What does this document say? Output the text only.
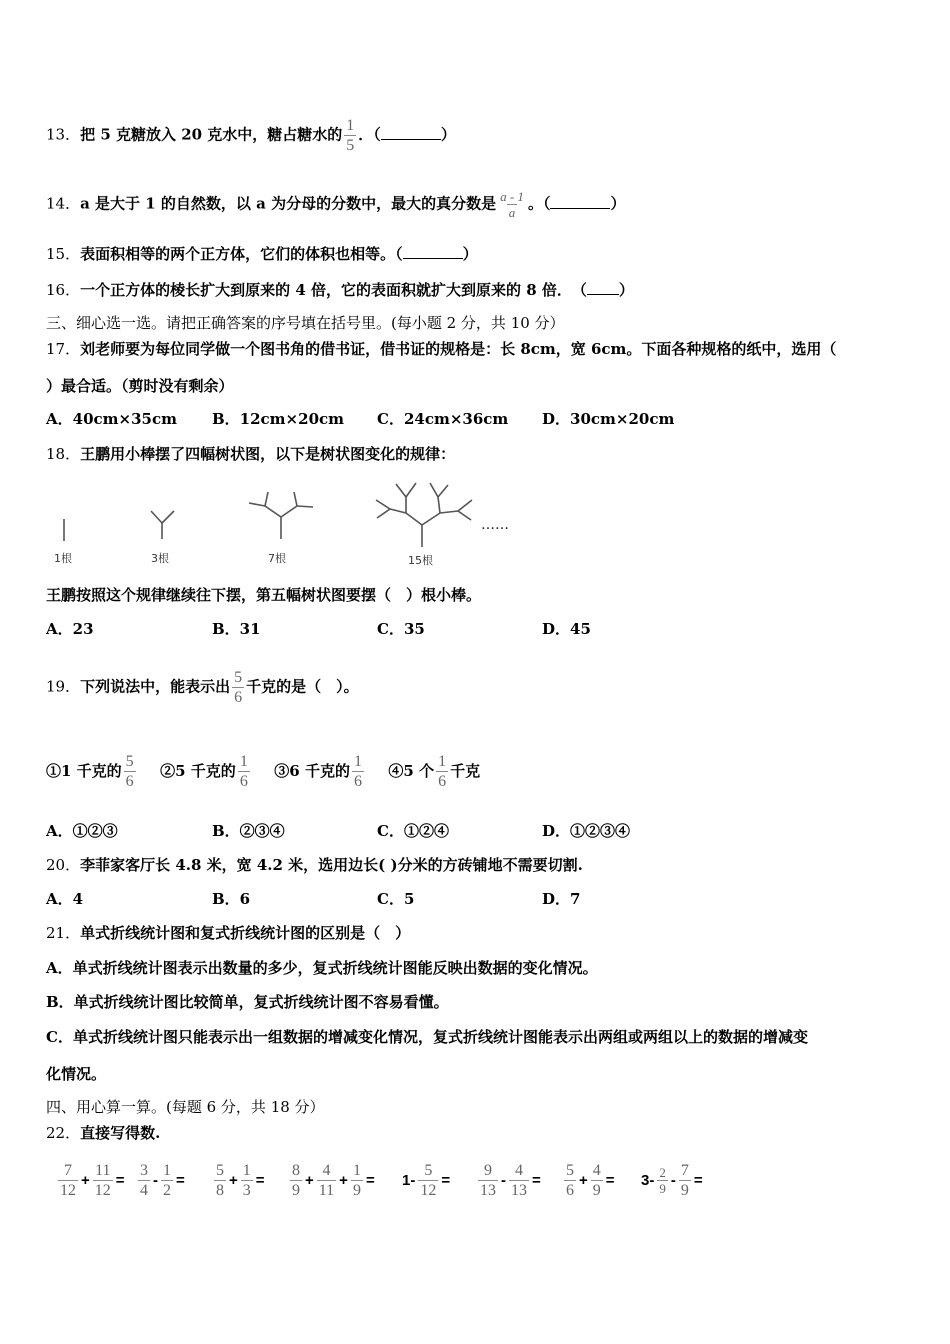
13．把 5 克糖放入 20 克水中，糖占糖水的 $\frac{1}{5}$ ．（	）
14．a 是大于 1 的自然数，以 a 为分母的分数中，最大的真分数是 $\frac{a - 1}{a}$ 。（	）
15．表面积相等的两个正方体，它们的体积也相等。（	）
16．一个正方体的棱长扩大到原来的 4 倍，它的表面积就扩大到原来的 8 倍．　（ ）
三、细心选一选。请把正确答案的序号填在括号里。(每小题 2 分，共 10 分）
17．刘老师要为每位同学做一个图书角的借书证，借书证的规格是：长 8cm，宽 6cm。下面各种规格的纸中，选用（
）最合适。（剪时没有剩余）
A．40cm×35cm B．12cm×20cm C．24cm×36cm D．30cm×20cm
18．王鹏用小棒摆了四幅树状图，以下是树状图变化的规律：
1根	3根	7根	15根
……
王鹏按照这个规律继续往下摆，第五幅树状图要摆（　）根小棒。
A．23	B．31	C．35	D．45
19．下列说法中，能表示出 $\frac{5}{6}$ 千克的是（　）。
①1 千克的 $\frac{5}{6}$ ②5 千克的 $\frac{1}{6}$ ③6 千克的 $\frac{1}{6}$ ④5 个 $\frac{1}{6}$ 千克
A．①②③	B．②③④	C．①②④	D．①②③④
20．李菲家客厅长 4.8 米，宽 4.2 米，选用边长( )分米的方砖铺地不需要切割.
A．4	B．6	C．5	D．7
21．单式折线统计图和复式折线统计图的区别是（　）
A．单式折线统计图表示出数量的多少，复式折线统计图能反映出数据的变化情况。
B．单式折线统计图比较简单，复式折线统计图不容易看懂。
C．单式折线统计图只能表示出一组数据的增减变化情况，复式折线统计图能表示出两组或两组以上的数据的增减变
化情况。
四、用心算一算。(每题 6 分，共 18 分）
22．直接写得数.
$\frac{7}{12} + \frac{11}{12} = \frac{3}{4} - \frac{1}{2} = \frac{5}{8} + \frac{1}{3} = \frac{8}{9} + \frac{4}{11} + \frac{1}{9} = 1- \frac{5}{12} = \frac{9}{13} - \frac{4}{13} = \frac{5}{6} + \frac{4}{9} = 3- \frac{2}{9} - \frac{7}{9}$ =
